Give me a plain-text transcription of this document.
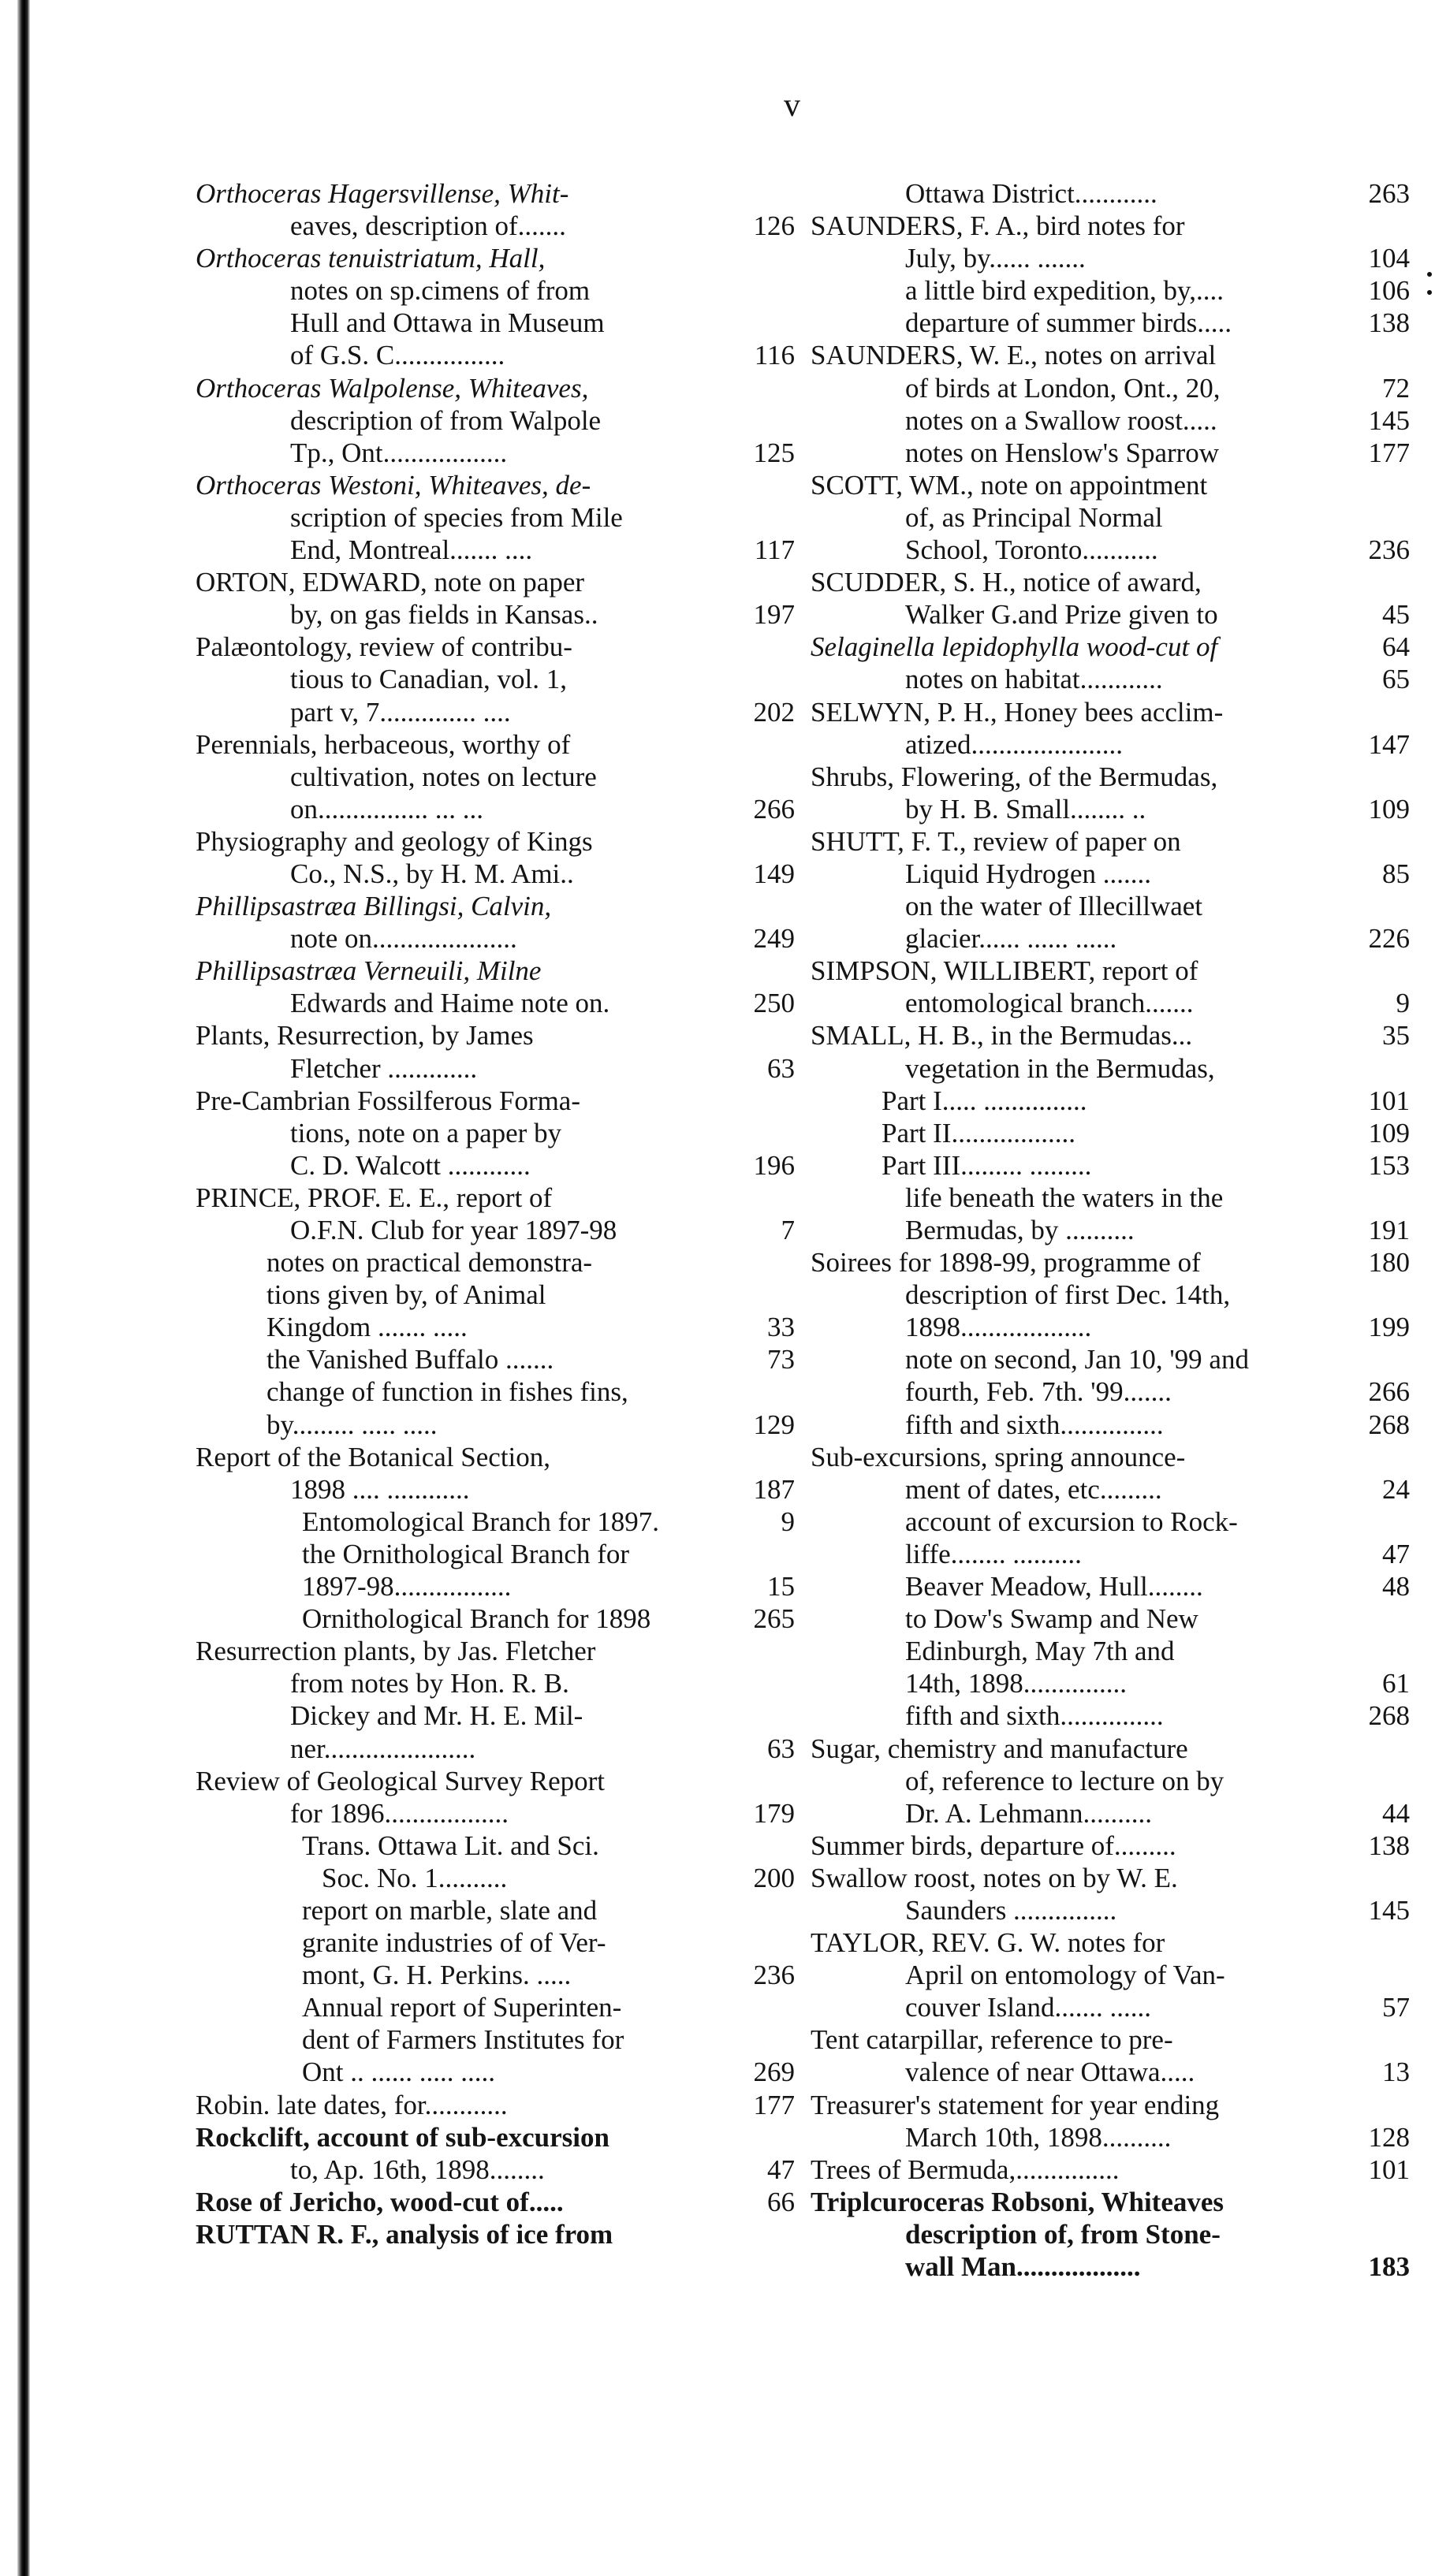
v
Orthoceras Hagersvillense, Whit-
eaves, description of.......	126
Orthoceras tenuistriatum, Hall,
notes on sp.cimens of from
Hull and Ottawa in Museum
of G.S. C................	116
Orthoceras Walpolense, Whiteaves,
description of from Walpole
Tp., Ont..................	125
Orthoceras Westoni, Whiteaves, de-
scription of species from Mile
End, Montreal....... ....	117
ORTON, EDWARD, note on paper
by, on gas fields in Kansas..	197
Palæontology, review of contribu-
tious to Canadian, vol. 1,
part v, 7.............. ....	202
Perennials, herbaceous, worthy of
cultivation, notes on lecture
on................ ... ...	266
Physiography and geology of Kings
Co., N.S., by H. M. Ami..	149
Phillipsastræa Billingsi, Calvin,
note on.....................	249
Phillipsastræa Verneuili, Milne
Edwards and Haime note on.	250
Plants, Resurrection, by James
Fletcher .............	63
Pre-Cambrian Fossilferous Forma-
tions, note on a paper by
C. D. Walcott ............	196
PRINCE, PROF. E. E., report of
O.F.N. Club for year 1897-98	7
notes on practical demonstra-
tions given by, of Animal
Kingdom ....... .....	33
the Vanished Buffalo .......	73
change of function in fishes fins,
by......... ..... .....	129
Report of the Botanical Section,
1898 .... ............	187
Entomological Branch for 1897.	9
the Ornithological Branch for
1897-98.................	15
Ornithological Branch for 1898	265
Resurrection plants, by Jas. Fletcher
from notes by Hon. R. B.
Dickey and Mr. H. E. Mil-
ner......................	63
Review of Geological Survey Report
for 1896..................	179
Trans. Ottawa Lit. and Sci.
Soc. No. 1..........	200
report on marble, slate and
granite industries of of Ver-
mont, G. H. Perkins. .....	236
Annual report of Superinten-
dent of Farmers Institutes for
Ont .. ...... ..... .....	269
Robin. late dates, for............	177
Rockclift, account of sub-excursion
to, Ap. 16th, 1898........	47
Rose of Jericho, wood-cut of.....	66
RUTTAN R. F., analysis of ice from
Ottawa District............	263
SAUNDERS, F. A., bird notes for
July, by...... .......	104
a little bird expedition, by,....	106
departure of summer birds.....	138
SAUNDERS, W. E., notes on arrival
of birds at London, Ont., 20,	72
notes on a Swallow roost.....	145
notes on Henslow's Sparrow	177
SCOTT, WM., note on appointment
of, as Principal Normal
School, Toronto...........	236
SCUDDER, S. H., notice of award,
Walker G.and Prize given to	45
Selaginella lepidophylla wood-cut of	64
notes on habitat............	65
SELWYN, P. H., Honey bees acclim-
atized......................	147
Shrubs, Flowering, of the Bermudas,
by H. B. Small........ ..	109
SHUTT, F. T., review of paper on
Liquid Hydrogen .......	85
on the water of Illecillwaet
glacier...... ...... ......	226
SIMPSON, WILLIBERT, report of
entomological branch.......	9
SMALL, H. B., in the Bermudas...	35
vegetation in the Bermudas,
Part I..... ...............	101
Part II..................	109
Part III......... .........	153
life beneath the waters in the
Bermudas, by ..........	191
Soirees for 1898-99, programme of	180
description of first Dec. 14th,
1898...................	199
note on second, Jan 10, '99 and
fourth, Feb. 7th. '99.......	266
fifth and sixth...............	268
Sub-excursions, spring announce-
ment of dates, etc.........	24
account of excursion to Rock-
liffe........ ..........	47
Beaver Meadow, Hull........	48
to Dow's Swamp and New
Edinburgh, May 7th and
14th, 1898...............	61
fifth and sixth...............	268
Sugar, chemistry and manufacture
of, reference to lecture on by
Dr. A. Lehmann..........	44
Summer birds, departure of.........	138
Swallow roost, notes on by W. E.
Saunders ...............	145
TAYLOR, REV. G. W. notes for
April on entomology of Van-
couver Island....... ......	57
Tent catarpillar, reference to pre-
valence of near Ottawa.....	13
Treasurer's statement for year ending
March 10th, 1898..........	128
Trees of Bermuda,...............	101
Triplcuroceras Robsoni, Whiteaves
description of, from Stone-
wall Man..................	183
